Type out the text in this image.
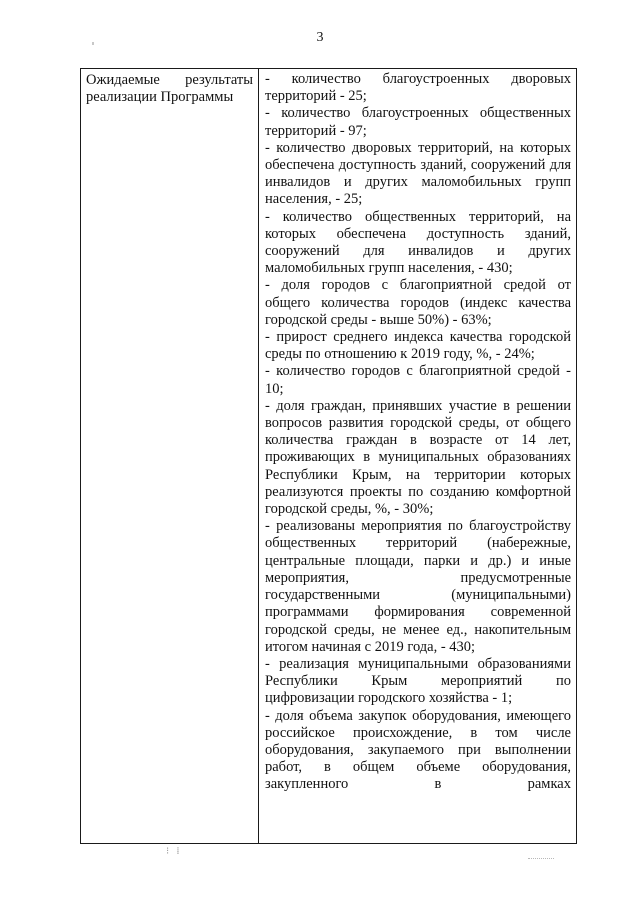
3
Ожидаемые результаты
реализации Программы
- количество благоустроенных дворовых территорий - 25;
- количество благоустроенных общественных территорий - 97;
- количество дворовых территорий, на которых обеспечена доступность зданий, сооружений для инвалидов и других маломобильных групп населения, - 25;
- количество общественных территорий, на которых обеспечена доступность зданий, сооружений для инвалидов и других маломобильных групп населения, - 430;
- доля городов с благоприятной средой от общего количества городов (индекс качества городской среды - выше 50%) - 63%;
- прирост среднего индекса качества городской среды по отношению к 2019 году, %, - 24%;
- количество городов с благоприятной средой - 10;
- доля граждан, принявших участие в решении вопросов развития городской среды, от общего количества граждан в возрасте от 14 лет, проживающих в муниципальных образованиях Республики Крым, на территории которых реализуются проекты по созданию комфортной городской среды, %, - 30%;
- реализованы мероприятия по благоустройству общественных территорий (набережные, центральные площади, парки и др.) и иные мероприятия, предусмотренные государственными (муниципальными) программами формирования современной городской среды, не менее ед., накопительным итогом начиная с 2019 года, - 430;
- реализация муниципальными образованиями Республики Крым мероприятий по цифровизации городского хозяйства - 1;
- доля объема закупок оборудования, имеющего российское происхождение, в том числе оборудования, закупаемого при выполнении работ, в общем объеме оборудования, закупленного в рамках
⁝ ⁞
